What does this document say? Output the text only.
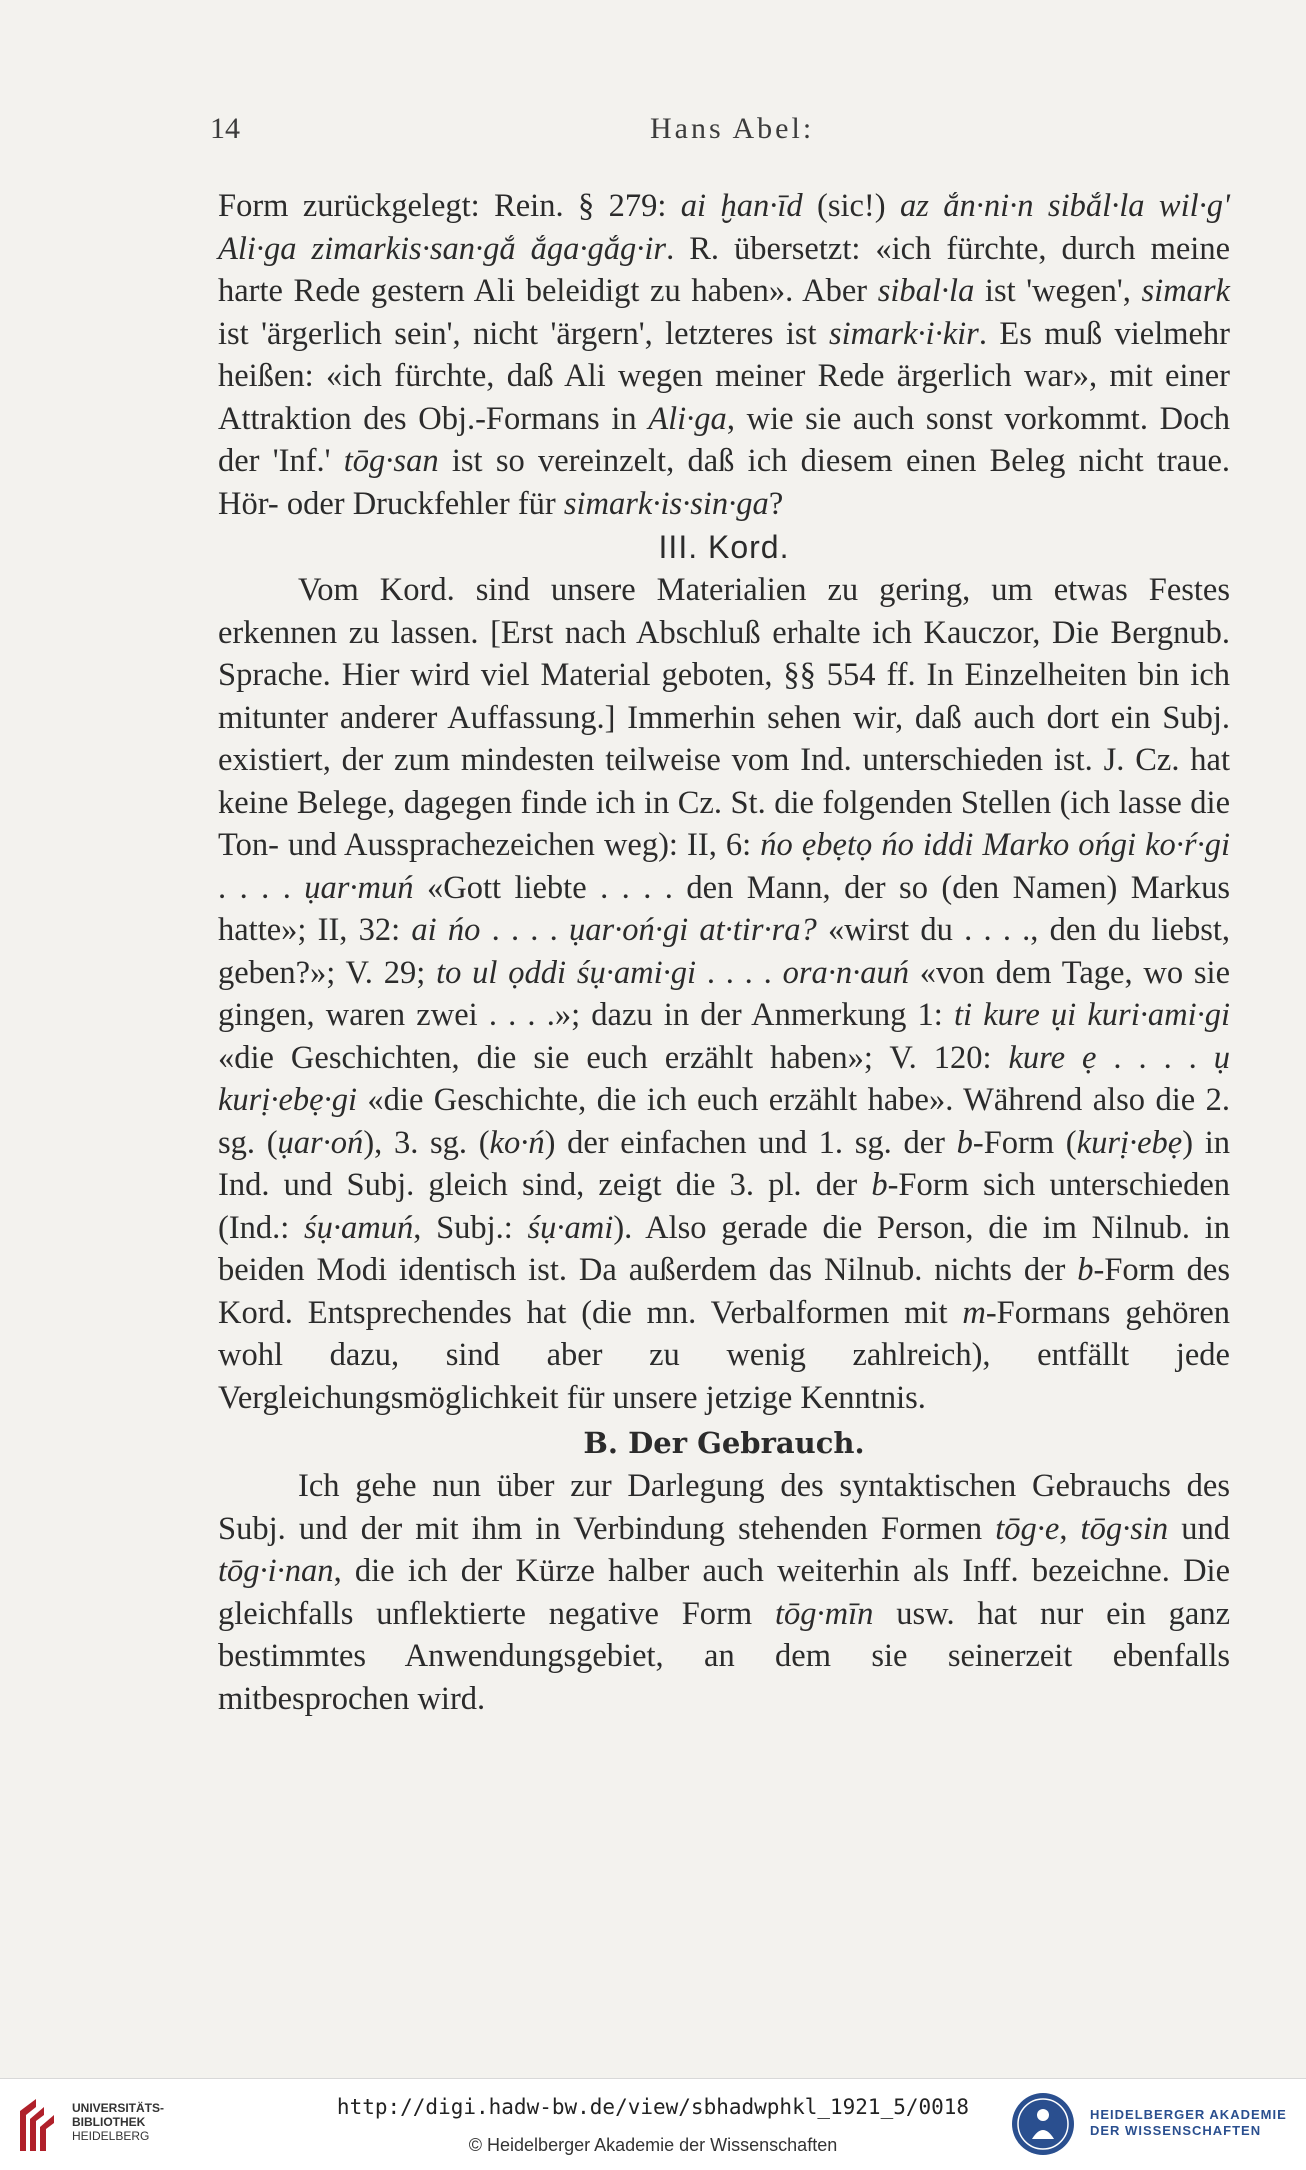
14	Hans Abel:

Form zurückgelegt: Rein. § 279: ai ḫan·īd (sic!) az ắn·ni·n sibắl·la wil·g' Ali·ga zimarkis·san·gắ ắga·gắg·ir. R. übersetzt: «ich fürchte, durch meine harte Rede gestern Ali beleidigt zu haben». Aber sibal·la ist 'wegen', simark ist 'ärgerlich sein', nicht 'ärgern', letzteres ist simark·i·kir. Es muß vielmehr heißen: «ich fürchte, daß Ali wegen meiner Rede ärgerlich war», mit einer Attraktion des Obj.-Formans in Ali·ga, wie sie auch sonst vorkommt. Doch der 'Inf.' tōg·san ist so vereinzelt, daß ich diesem einen Beleg nicht traue. Hör- oder Druckfehler für simark·is·sin·ga?

III. Kord.

Vom Kord. sind unsere Materialien zu gering, um etwas Festes erkennen zu lassen. [Erst nach Abschluß erhalte ich Kauczor, Die Bergnub. Sprache. Hier wird viel Material geboten, §§ 554 ff. In Einzelheiten bin ich mitunter anderer Auffassung.] Immerhin sehen wir, daß auch dort ein Subj. existiert, der zum mindesten teilweise vom Ind. unterschieden ist. J. Cz. hat keine Belege, dagegen finde ich in Cz. St. die folgenden Stellen (ich lasse die Ton- und Aussprachezeichen weg): II, 6: ńo ẹbẹtọ ńo iddi Marko ońgi ko·ŕ·gi . . . . ụar·muń «Gott liebte . . . . den Mann, der so (den Namen) Markus hatte»; II, 32: ai ńo . . . . ụar·oń·gi at·tir·ra? «wirst du . . . ., den du liebst, geben?»; V. 29; to ul ọddi śụ·ami·gi . . . . ora·n·auń «von dem Tage, wo sie gingen, waren zwei . . . .»; dazu in der Anmerkung 1: ti kure ụi kuri·ami·gi «die Geschichten, die sie euch erzählt haben»; V. 120: kure ẹ . . . . ụ kurị·ebẹ·gi «die Geschichte, die ich euch erzählt habe». Während also die 2. sg. (ụar·oń), 3. sg. (ko·ń) der einfachen und 1. sg. der b-Form (kurị·ebẹ) in Ind. und Subj. gleich sind, zeigt die 3. pl. der b-Form sich unterschieden (Ind.: śụ·amuń, Subj.: śụ·ami). Also gerade die Person, die im Nilnub. in beiden Modi identisch ist. Da außerdem das Nilnub. nichts der b-Form des Kord. Entsprechendes hat (die mn. Verbalformen mit m-Formans gehören wohl dazu, sind aber zu wenig zahlreich), entfällt jede Vergleichungsmöglichkeit für unsere jetzige Kenntnis.

B. Der Gebrauch.

Ich gehe nun über zur Darlegung des syntaktischen Gebrauchs des Subj. und der mit ihm in Verbindung stehenden Formen tōg·e, tōg·sin und tōg·i·nan, die ich der Kürze halber auch weiterhin als Inff. bezeichne. Die gleichfalls unflektierte negative Form tōg·mīn usw. hat nur ein ganz bestimmtes Anwendungsgebiet, an dem sie seinerzeit ebenfalls mitbesprochen wird.

UNIVERSITÄTS-
BIBLIOTHEK
HEIDELBERG
http://digi.hadw-bw.de/view/sbhadwphkl_1921_5/0018
© Heidelberger Akademie der Wissenschaften
HEIDELBERGER AKADEMIE
DER WISSENSCHAFTEN
